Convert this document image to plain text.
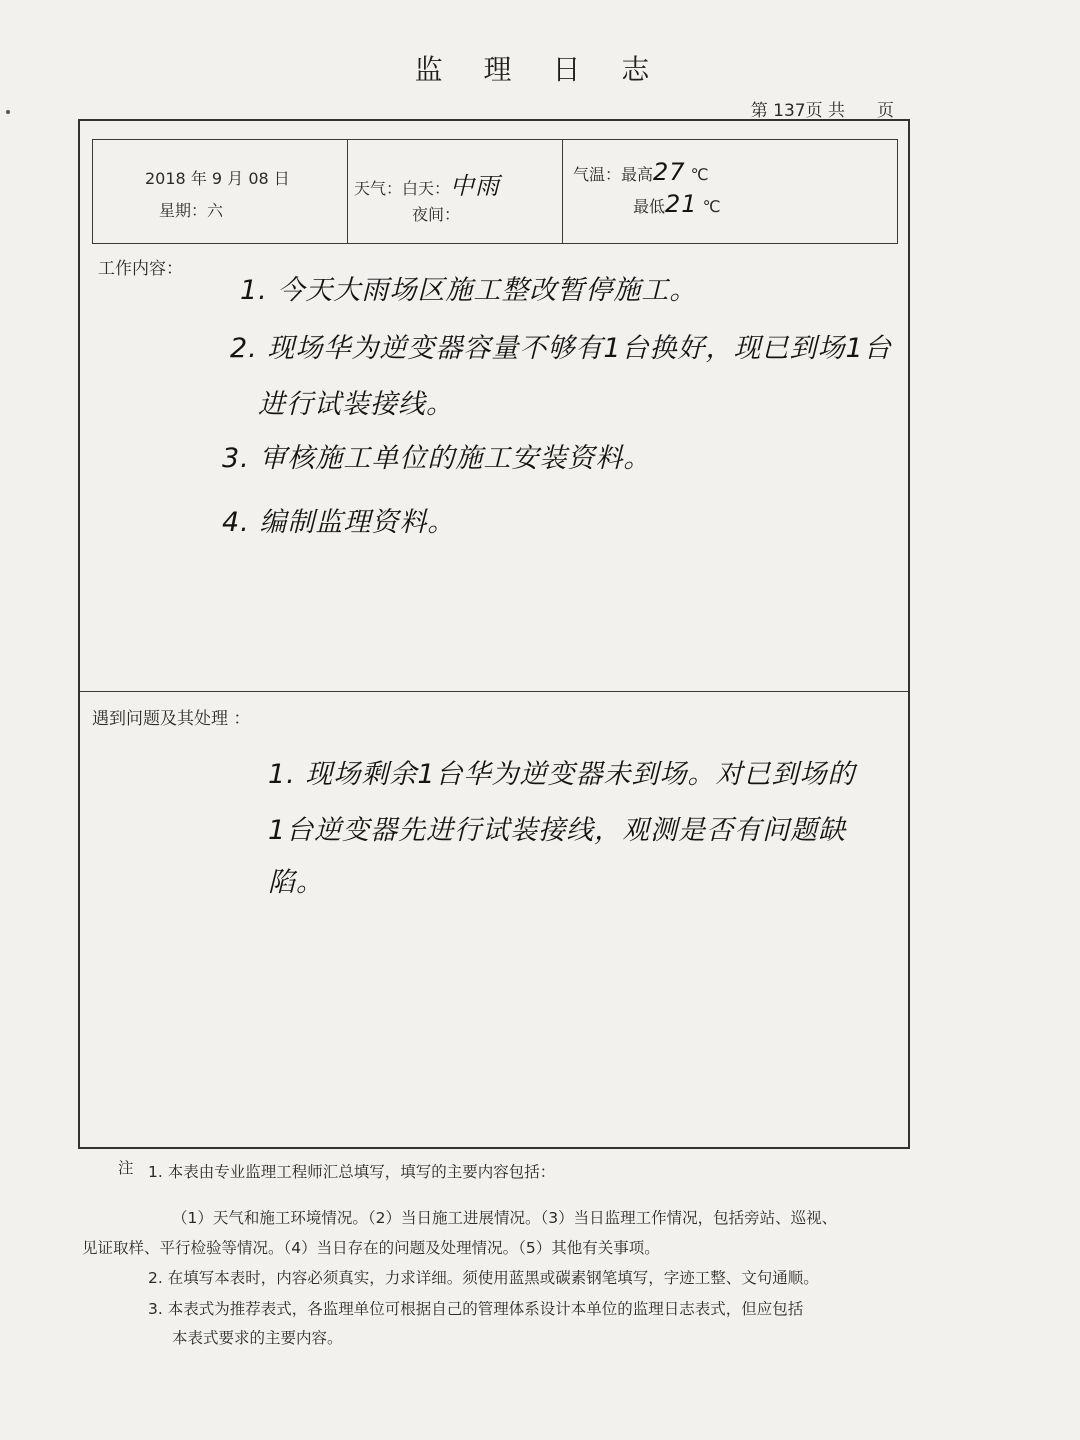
监 理 日 志
第 137页 共 页
2018 年 9 月 08 日
星期：六
天气：白天：中雨
夜间：
气温：最高27 ℃
最低21 ℃
工作内容：
1. 今天大雨场区施工整改暂停施工。
2. 现场华为逆变器容量不够有1台换好，现已到场1台
进行试装接线。
3. 审核施工单位的施工安装资料。
4. 编制监理资料。
遇到问题及其处理 ：
1. 现场剩余1台华为逆变器未到场。对已到场的
1台逆变器先进行试装接线，观测是否有问题缺
陷。
注 1. 本表由专业监理工程师汇总填写，填写的主要内容包括：
（1）天气和施工环境情况。（2）当日施工进展情况。（3）当日监理工作情况，包括旁站、巡视、
见证取样、平行检验等情况。（4）当日存在的问题及处理情况。（5）其他有关事项。
2. 在填写本表时，内容必须真实，力求详细。须使用蓝黑或碳素钢笔填写，字迹工整、文句通顺。
3. 本表式为推荐表式，各监理单位可根据自己的管理体系设计本单位的监理日志表式，但应包括
本表式要求的主要内容。
